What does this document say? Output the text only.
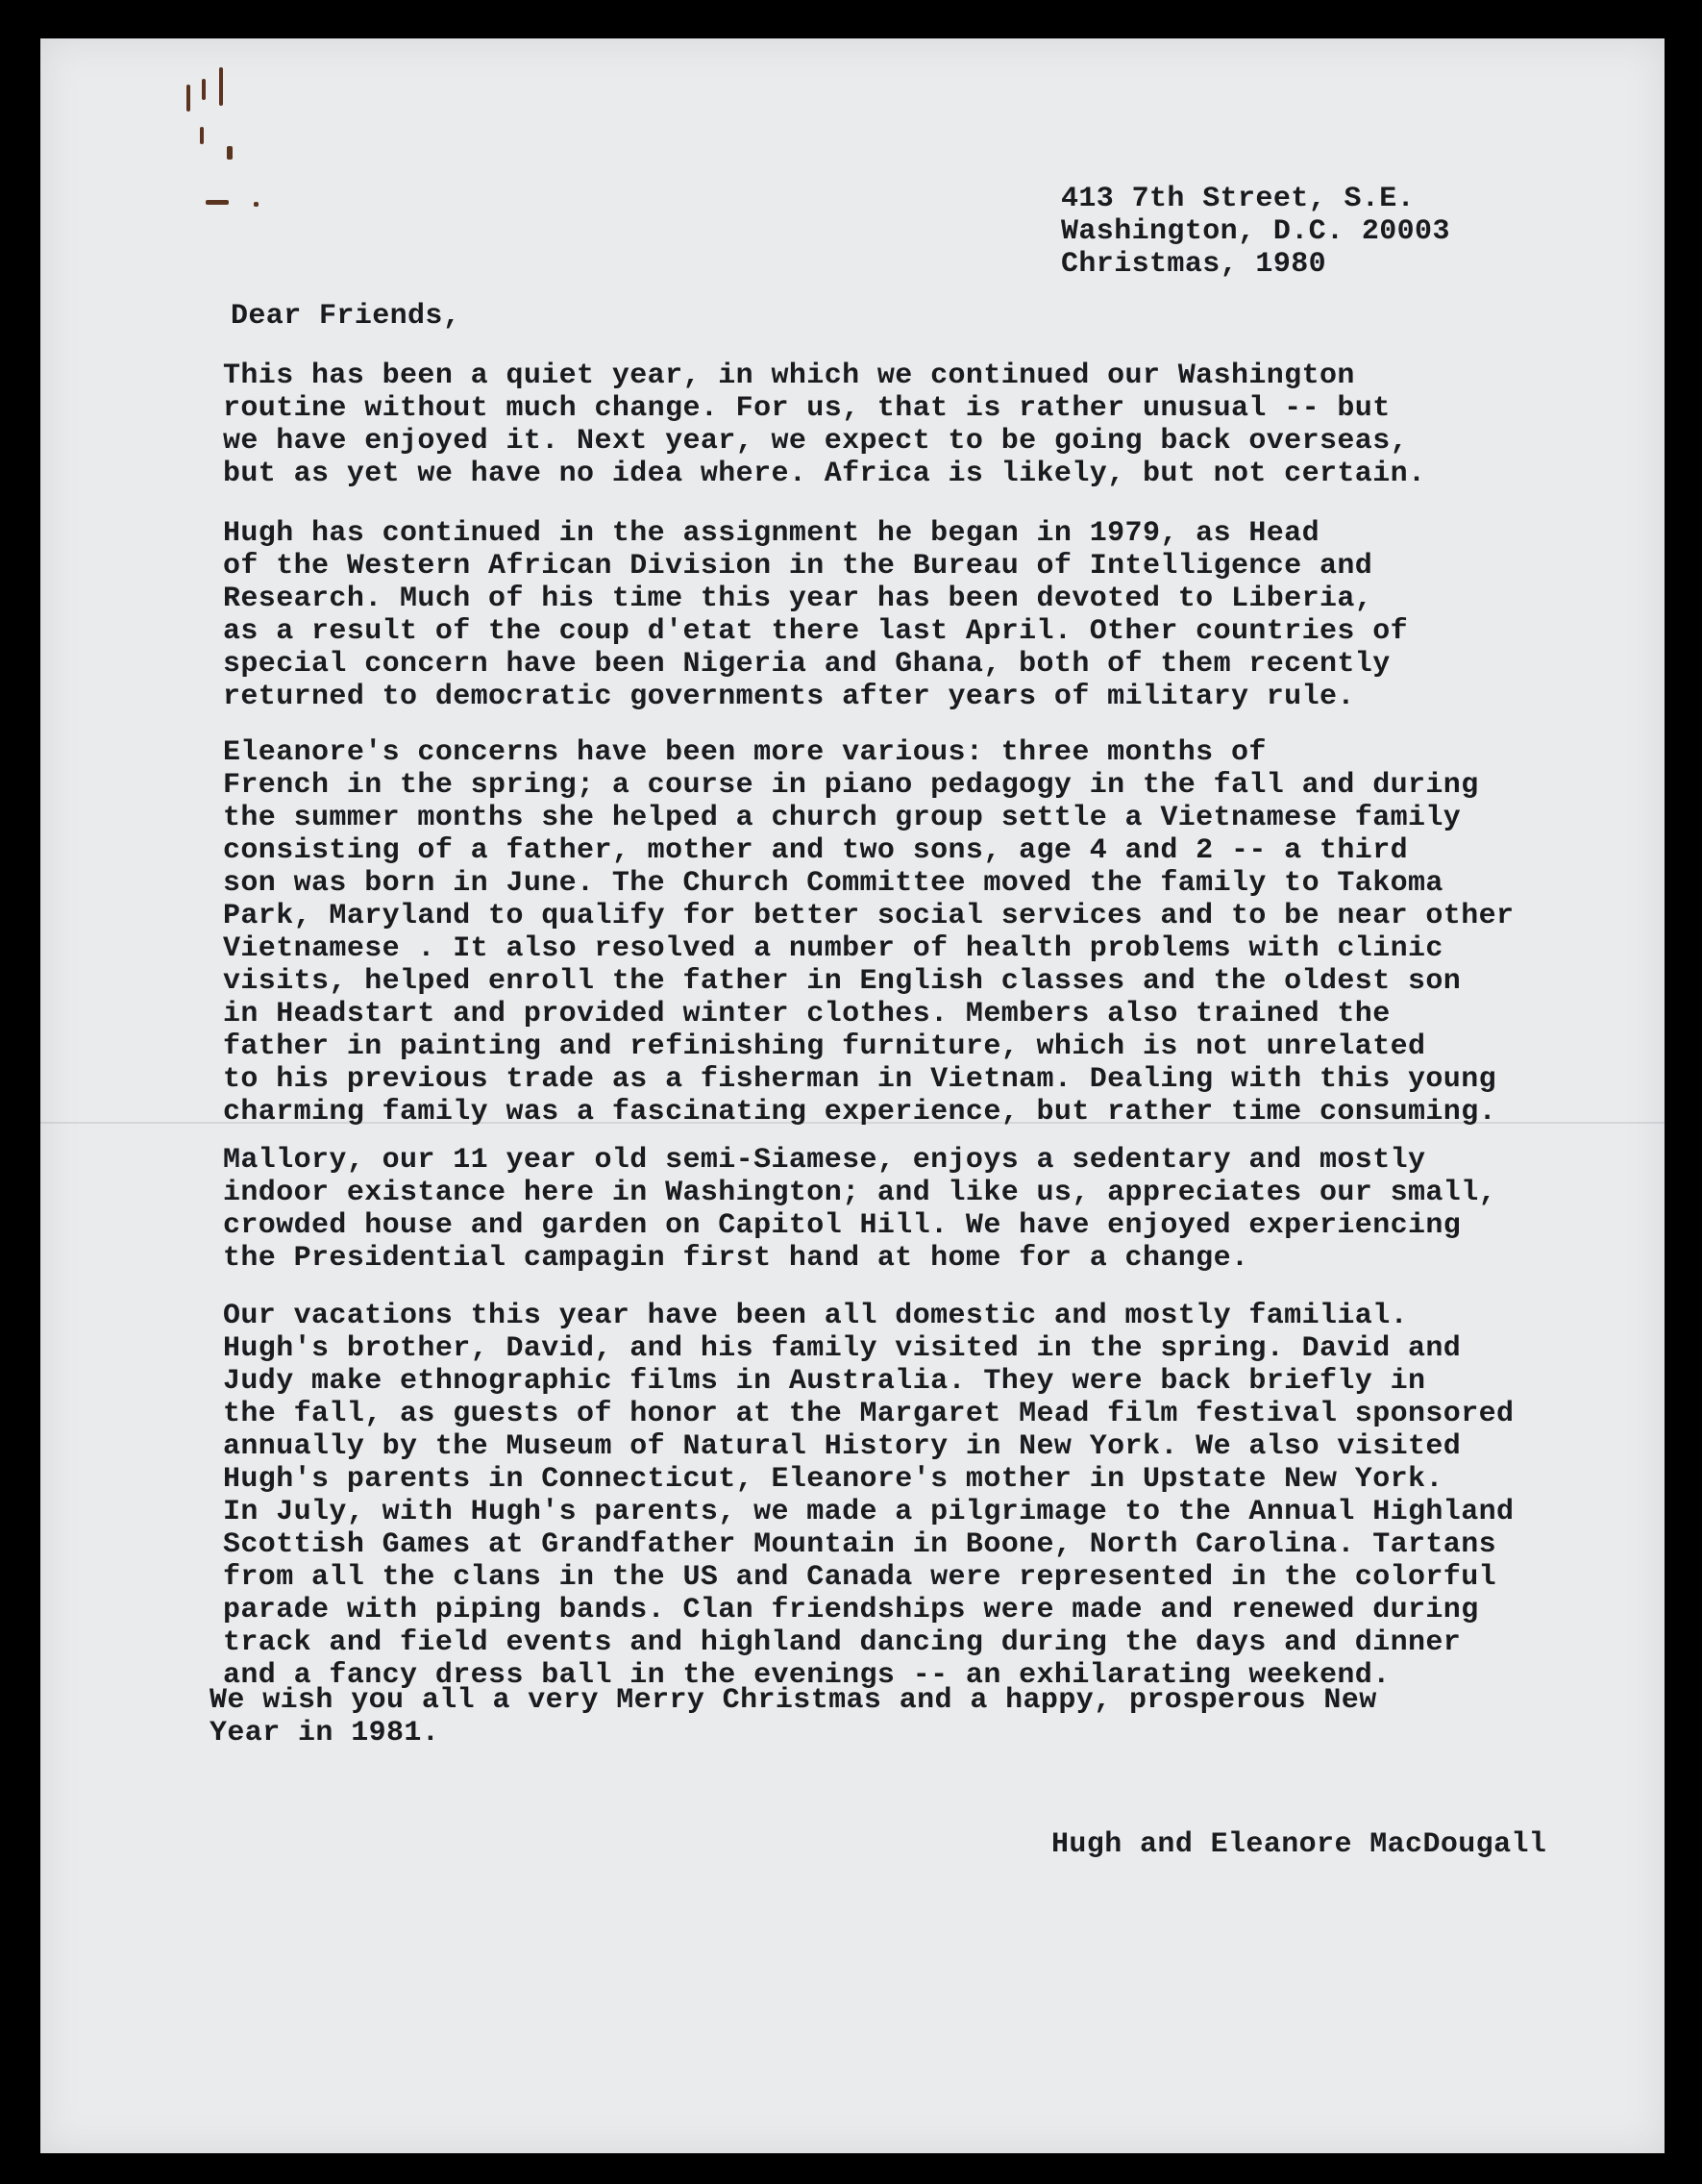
413 7th Street, S.E.
Washington, D.C. 20003
Christmas, 1980
Dear Friends,
This has been a quiet year, in which we continued our Washington
routine without much change. For us, that is rather unusual -- but
we have enjoyed it. Next year, we expect to be going back overseas,
but as yet we have no idea where. Africa is likely, but not certain.
Hugh has continued in the assignment he began in 1979, as Head
of the Western African Division in the Bureau of Intelligence and
Research. Much of his time this year has been devoted to Liberia,
as a result of the coup d'etat there last April. Other countries of
special concern have been Nigeria and Ghana, both of them recently
returned to democratic governments after years of military rule.
Eleanore's concerns have been more various: three months of
French in the spring; a course in piano pedagogy in the fall and during
the summer months she helped a church group settle a Vietnamese family
consisting of a father, mother and two sons, age 4 and 2 -- a third
son was born in June. The Church Committee moved the family to Takoma
Park, Maryland to qualify for better social services and to be near other
Vietnamese . It also resolved a number of health problems with clinic
visits, helped enroll the father in English classes and the oldest son
in Headstart and provided winter clothes. Members also trained the
father in painting and refinishing furniture, which is not unrelated
to his previous trade as a fisherman in Vietnam. Dealing with this young
charming family was a fascinating experience, but rather time consuming.
Mallory, our 11 year old semi-Siamese, enjoys a sedentary and mostly
indoor existance here in Washington; and like us, appreciates our small,
crowded house and garden on Capitol Hill. We have enjoyed experiencing
the Presidential campagin first hand at home for a change.
Our vacations this year have been all domestic and mostly familial.
Hugh's brother, David, and his family visited in the spring. David and
Judy make ethnographic films in Australia. They were back briefly in
the fall, as guests of honor at the Margaret Mead film festival sponsored
annually by the Museum of Natural History in New York. We also visited
Hugh's parents in Connecticut, Eleanore's mother in Upstate New York.
In July, with Hugh's parents, we made a pilgrimage to the Annual Highland
Scottish Games at Grandfather Mountain in Boone, North Carolina. Tartans
from all the clans in the US and Canada were represented in the colorful
parade with piping bands. Clan friendships were made and renewed during
track and field events and highland dancing during the days and dinner
and a fancy dress ball in the evenings -- an exhilarating weekend.
We wish you all a very Merry Christmas and a happy, prosperous New
Year in 1981.
Hugh and Eleanore MacDougall
